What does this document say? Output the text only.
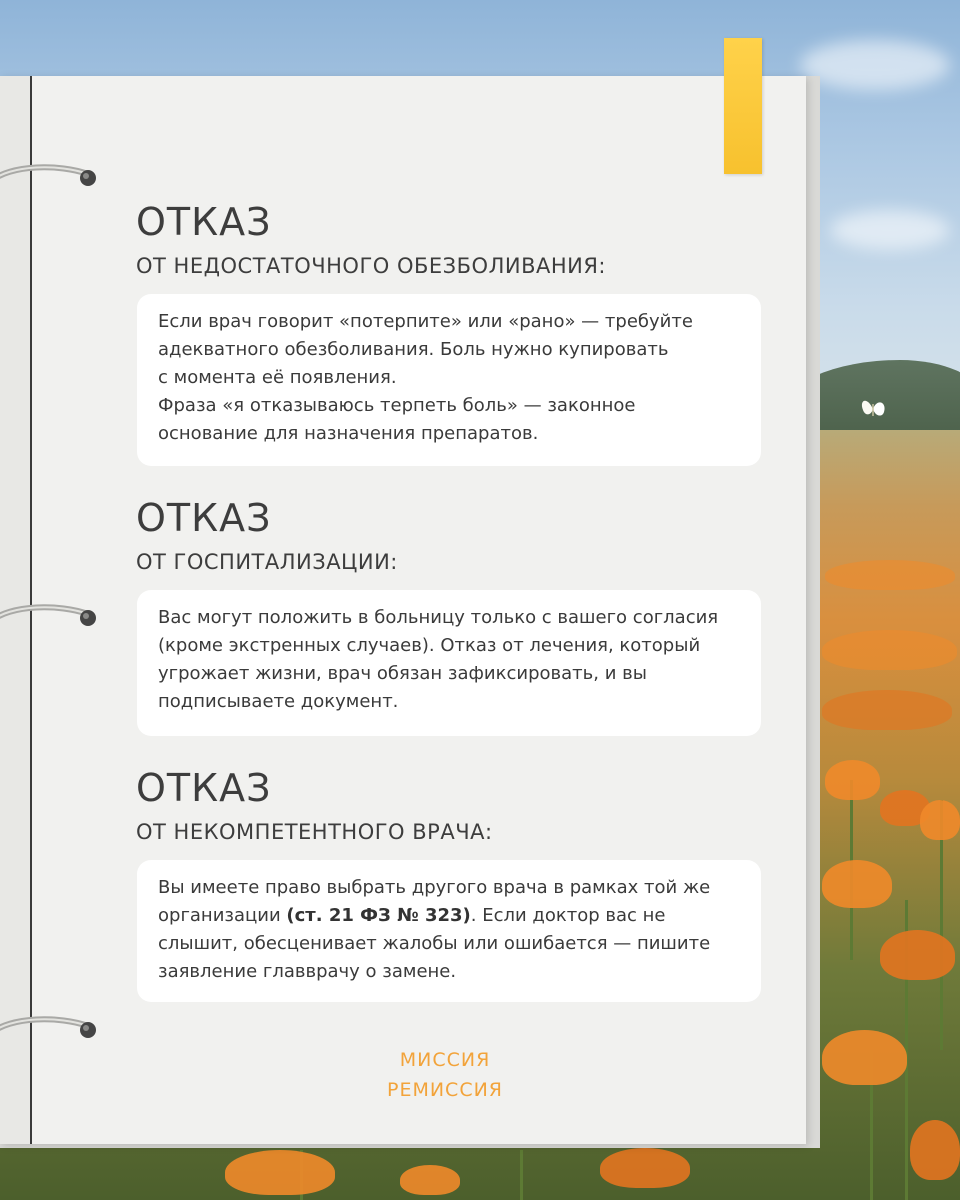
ОТКАЗ
ОТ НЕДОСТАТОЧНОГО ОБЕЗБОЛИВАНИЯ:

Если врач говорит «потерпите» или «рано» — требуйте

адекватного обезболивания. Боль нужно купировать

с момента её появления.

Фраза «я отказываюсь терпеть боль» — законное

основание для назначения препаратов.

ОТКАЗ
ОТ ГОСПИТАЛИЗАЦИИ:

Вас могут положить в больницу только с вашего согласия

(кроме экстренных случаев). Отказ от лечения, который

угрожает жизни, врач обязан зафиксировать, и вы

подписываете документ.

ОТКАЗ
ОТ НЕКОМПЕТЕНТНОГО ВРАЧА:

Вы имеете право выбрать другого врача в рамках той же

организации (ст. 21 ФЗ № 323). Если доктор вас не

слышит, обесценивает жалобы или ошибается — пишите

заявление главврачу о замене.

МИССИЯ
РЕМИССИЯ
